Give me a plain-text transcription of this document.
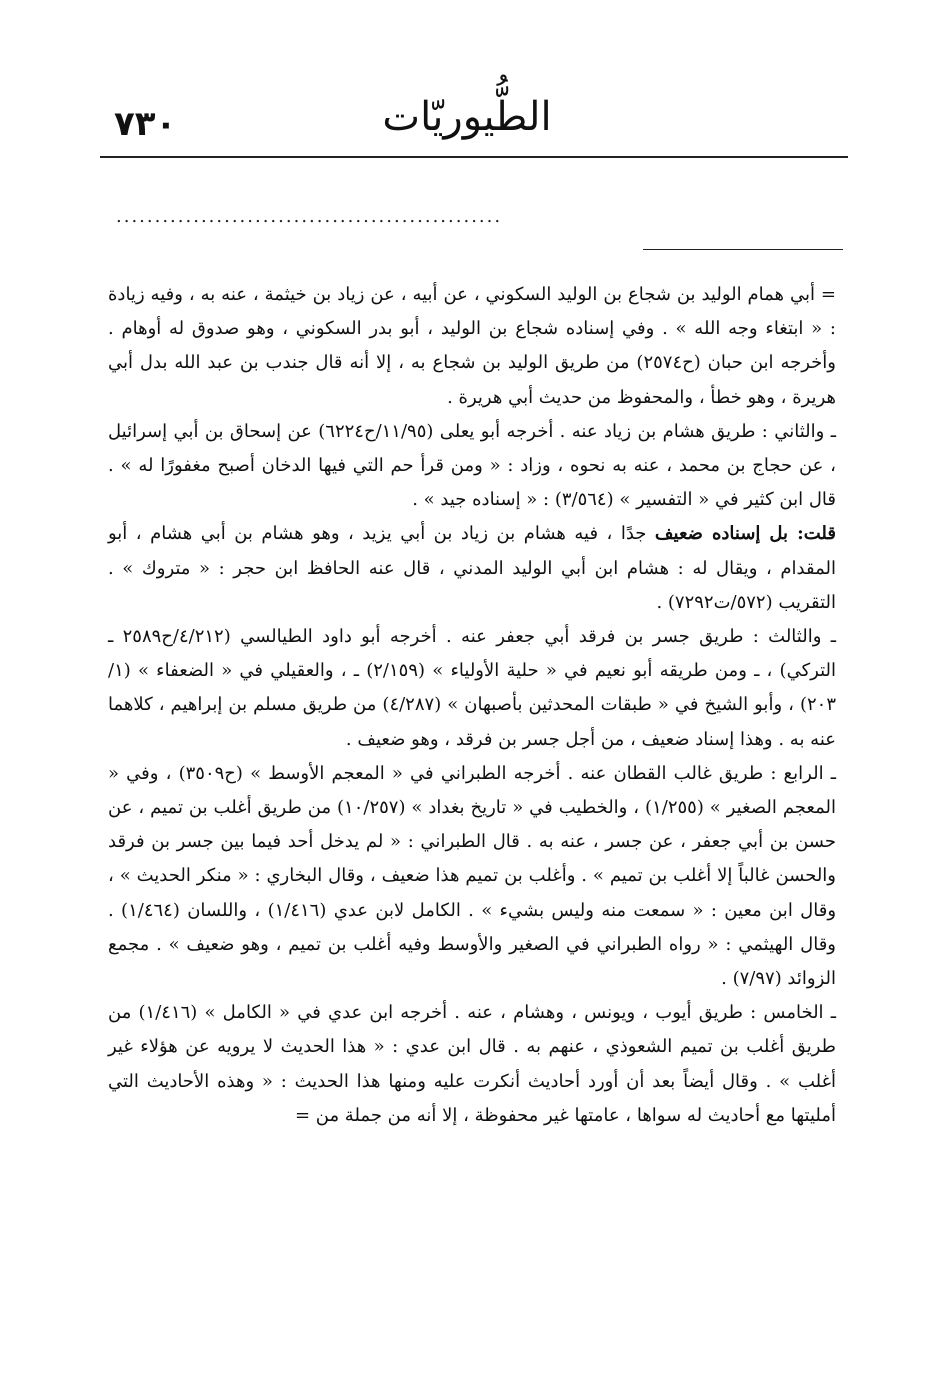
٧٣٠	الطُّيوريّات
..................................................

= أبي همام الوليد بن شجاع بن الوليد السكوني ، عن أبيه ، عن زياد بن خيثمة ، عنه به ، وفيه زيادة : « ابتغاء وجه الله » . وفي إسناده شجاع بن الوليد ، أبو بدر السكوني ، وهو صدوق له أوهام . وأخرجه ابن حبان (ح٢٥٧٤) من طريق الوليد بن شجاع به ، إلا أنه قال جندب بن عبد الله بدل أبي هريرة ، وهو خطأ ، والمحفوظ من حديث أبي هريرة .

ـ والثاني : طريق هشام بن زياد عنه . أخرجه أبو يعلى (١١/٩٥/ح٦٢٢٤) عن إسحاق بن أبي إسرائيل ، عن حجاج بن محمد ، عنه به نحوه ، وزاد : « ومن قرأ حم التي فيها الدخان أصبح مغفورًا له » . قال ابن كثير في « التفسير » (٣/٥٦٤) : « إسناده جيد » .

قلت: بل إسناده ضعيف جدًا ، فيه هشام بن زياد بن أبي يزيد ، وهو هشام بن أبي هشام ، أبو المقدام ، ويقال له : هشام ابن أبي الوليد المدني ، قال عنه الحافظ ابن حجر : « متروك » . التقريب (٥٧٢/ت٧٢٩٢) .

ـ والثالث : طريق جسر بن فرقد أبي جعفر عنه . أخرجه أبو داود الطيالسي (٤/٢١٢/ح٢٥٨٩ ـ التركي) ، ـ ومن طريقه أبو نعيم في « حلية الأولياء » (٢/١٥٩) ـ ، والعقيلي في « الضعفاء » (١/ ٢٠٣) ، وأبو الشيخ في « طبقات المحدثين بأصبهان » (٤/٢٨٧) من طريق مسلم بن إبراهيم ، كلاهما عنه به . وهذا إسناد ضعيف ، من أجل جسر بن فرقد ، وهو ضعيف .

ـ الرابع : طريق غالب القطان عنه . أخرجه الطبراني في « المعجم الأوسط » (ح٣٥٠٩) ، وفي « المعجم الصغير » (١/٢٥٥) ، والخطيب في « تاريخ بغداد » (١٠/٢٥٧) من طريق أغلب بن تميم ، عن حسن بن أبي جعفر ، عن جسر ، عنه به . قال الطبراني : « لم يدخل أحد فيما بين جسر بن فرقد والحسن غالباً إلا أغلب بن تميم » . وأغلب بن تميم هذا ضعيف ، وقال البخاري : « منكر الحديث » ، وقال ابن معين : « سمعت منه وليس بشيء » . الكامل لابن عدي (١/٤١٦) ، واللسان (١/٤٦٤) . وقال الهيثمي : « رواه الطبراني في الصغير والأوسط وفيه أغلب بن تميم ، وهو ضعيف » . مجمع الزوائد (٧/٩٧) .

ـ الخامس : طريق أيوب ، ويونس ، وهشام ، عنه . أخرجه ابن عدي في « الكامل » (١/٤١٦) من طريق أغلب بن تميم الشعوذي ، عنهم به . قال ابن عدي : « هذا الحديث لا يرويه عن هؤلاء غير أغلب » . وقال أيضاً بعد أن أورد أحاديث أنكرت عليه ومنها هذا الحديث : « وهذه الأحاديث التي أمليتها مع أحاديث له سواها ، عامتها غير محفوظة ، إلا أنه من جملة من =
